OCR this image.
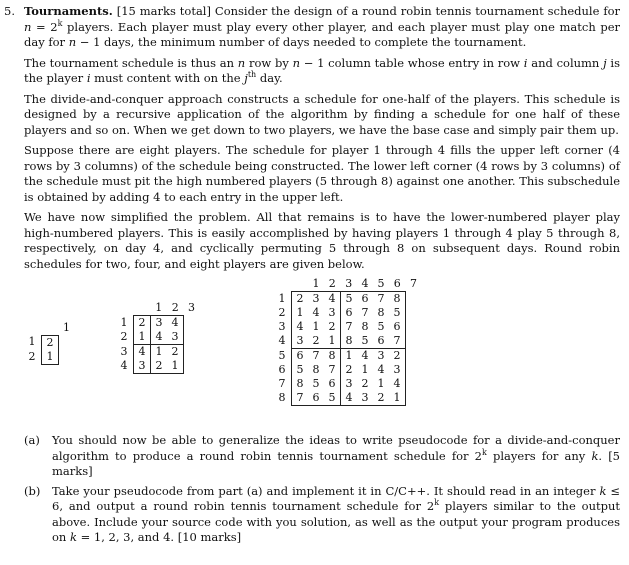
5. Tournaments. [15 marks total] Consider the design of a round robin tennis tournament schedule for $n = 2^k$ players. Each player must play every other player, and each player must play one match per day for n − 1 days, the minimum number of days needed to complete the tournament.

The tournament schedule is thus an n row by n − 1 column table whose entry in row i and column j is the player i must content with on the $j^{th}$ day.

The divide-and-conquer approach constructs a schedule for one-half of the players. This schedule is designed by a recursive application of the algorithm by finding a schedule for one half of these players and so on. When we get down to two players, we have the base case and simply pair them up.

Suppose there are eight players. The schedule for player 1 through 4 fills the upper left corner (4 rows by 3 columns) of the schedule being constructed. The lower left corner (4 rows by 3 columns) of the schedule must pit the high numbered players (5 through 8) against one another. This subschedule is obtained by adding 4 to each entry in the upper left.

We have now simplified the problem. All that remains is to have the lower-numbered player play high-numbered players. This is easily accomplished by having players 1 through 4 play 5 through 8, respectively, on day 4, and cyclically permuting 5 through 8 on subsequent days. Round robin schedules for two, four, and eight players are given below.

		1
1	2	
2	1	
		1	2	3
1	2	3	4	
2	1	4	3	
3	4	1	2	
4	3	2	1	
		1	2	3	4	5	6	7
1	2	3	4	5	6	7	8	
2	1	4	3	6	7	8	5	
3	4	1	2	7	8	5	6	
4	3	2	1	8	5	6	7	
5	6	7	8	1	4	3	2	
6	5	8	7	2	1	4	3	
7	8	5	6	3	2	1	4	
8	7	6	5	4	3	2	1	
(a)	You should now be able to generalize the ideas to write pseudocode for a divide-and-conquer algorithm to produce a round robin tennis tournament schedule for 2$^k$ players for any k. [5 marks]
(b)	Take your pseudocode from part (a) and implement it in C/C++. It should read in an integer k ≤ 6, and output a round robin tennis tournament schedule for 2$^k$ players similar to the output above. Include your source code with you solution, as well as the output your program produces on k = 1, 2, 3, and 4. [10 marks]
